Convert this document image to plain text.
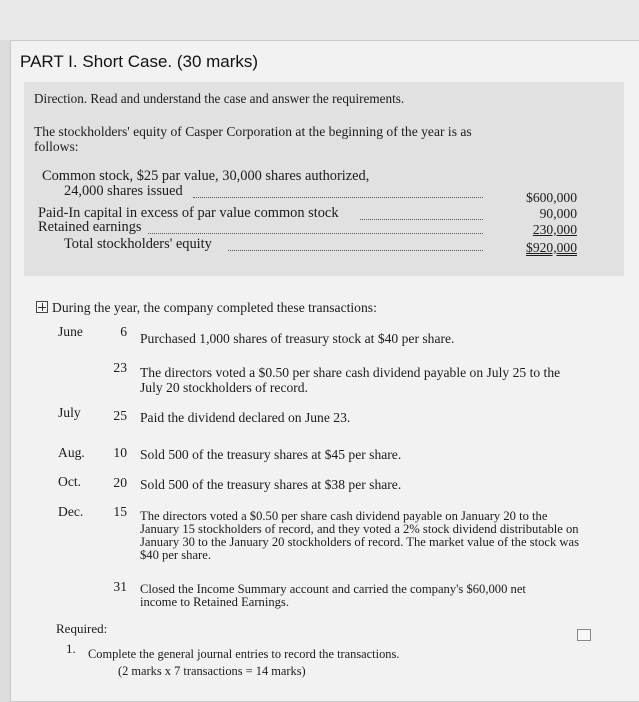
PART I. Short Case. (30 marks)
Direction. Read and understand the case and answer the requirements.
The stockholders' equity of Casper Corporation at the beginning of the year is as
follows:
Common stock, $25 par value, 30,000 shares authorized,
24,000 shares issued	$600,000
Paid-In capital in excess of par value common stock	90,000
Retained earnings	230,000
Total stockholders' equity	$920,000
During the year, the company completed these transactions:
June	6 Purchased 1,000 shares of treasury stock at $40 per share.
23 The directors voted a $0.50 per share cash dividend payable on July 25 to the July 20 stockholders of record.
July	25 Paid the dividend declared on June 23.
Aug.	10 Sold 500 of the treasury shares at $45 per share.
Oct.	20 Sold 500 of the treasury shares at $38 per share.
Dec.	15 The directors voted a $0.50 per share cash dividend payable on January 20 to the January 15 stockholders of record, and they voted a 2% stock dividend distributable on January 30 to the January 20 stockholders of record. The market value of the stock was $40 per share.
31 Closed the Income Summary account and carried the company's $60,000 net income to Retained Earnings.
Required:
1. Complete the general journal entries to record the transactions.
(2 marks x 7 transactions = 14 marks)
